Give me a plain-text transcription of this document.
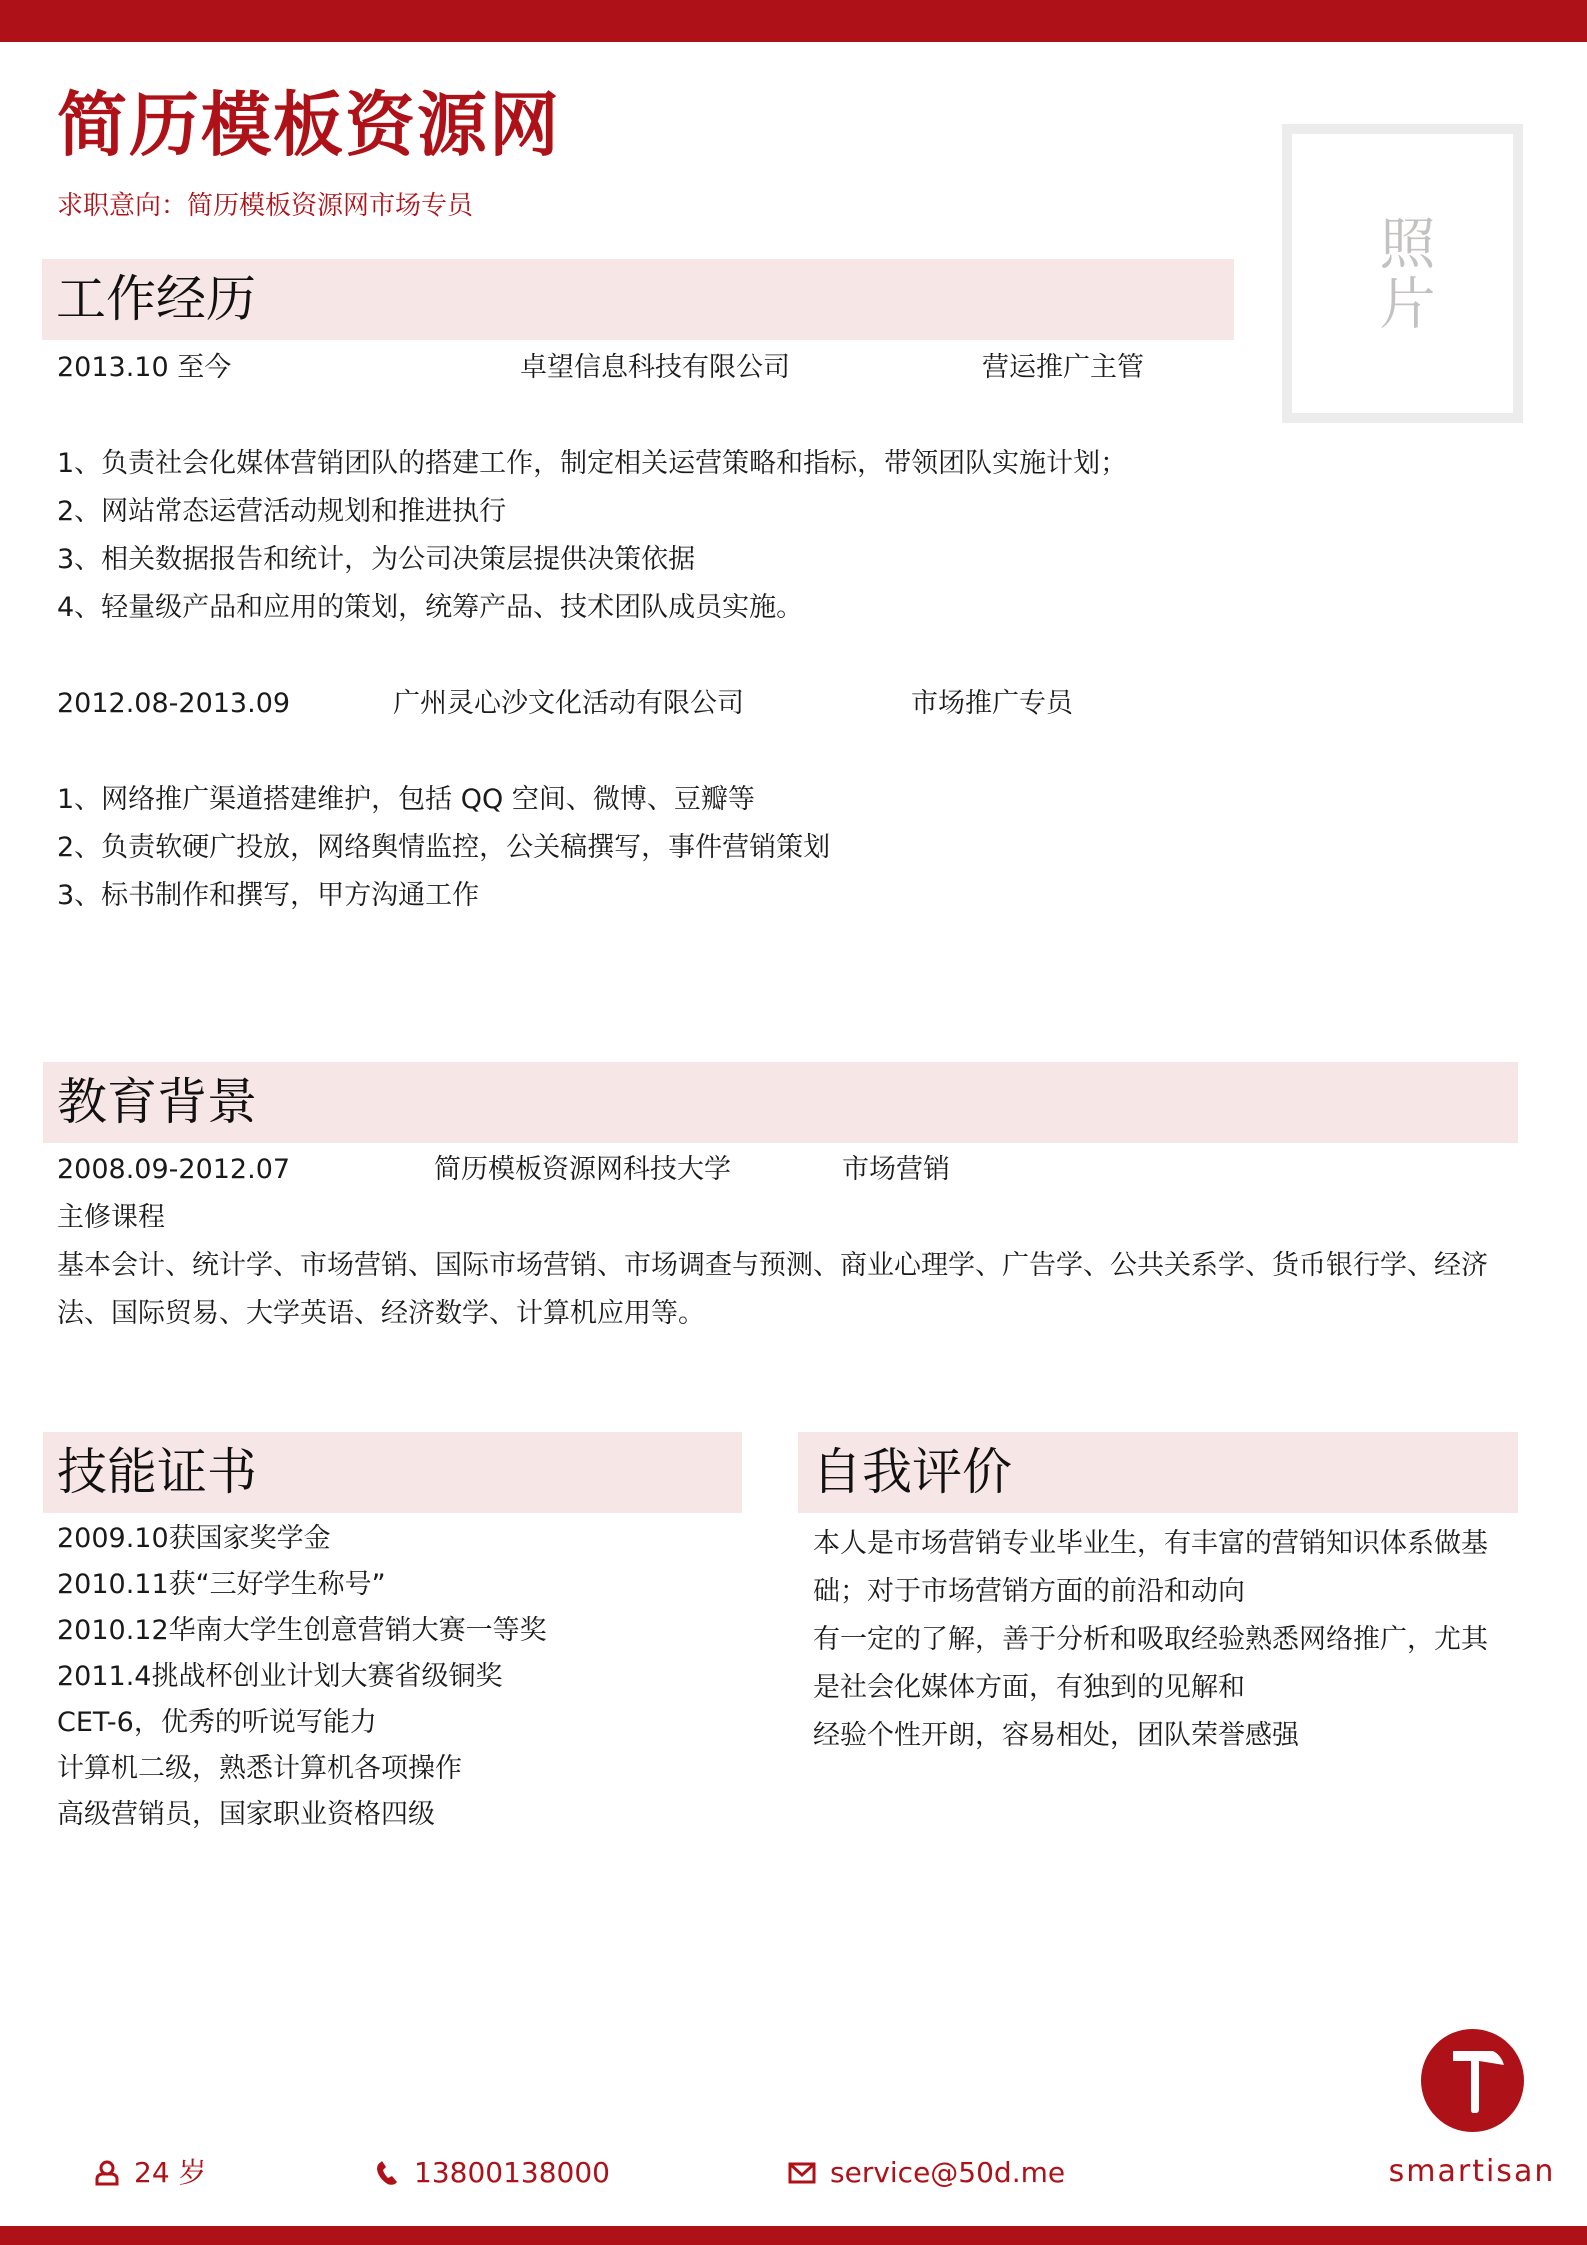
简历模板资源网
求职意向：简历模板资源网市场专员
照片
工作经历
2013.10 至今	卓望信息科技有限公司	营运推广主管
1、负责社会化媒体营销团队的搭建工作，制定相关运营策略和指标，带领团队实施计划；
2、网站常态运营活动规划和推进执行
3、相关数据报告和统计，为公司决策层提供决策依据
4、轻量级产品和应用的策划，统筹产品、技术团队成员实施。
2012.08-2013.09	广州灵心沙文化活动有限公司	市场推广专员
1、网络推广渠道搭建维护，包括 QQ 空间、微博、豆瓣等
2、负责软硬广投放，网络舆情监控，公关稿撰写，事件营销策划
3、标书制作和撰写，甲方沟通工作
教育背景
2008.09-2012.07	简历模板资源网科技大学	市场营销
主修课程
基本会计、统计学、市场营销、国际市场营销、市场调查与预测、商业心理学、广告学、公共关系学、货币银行学、经济法、国际贸易、大学英语、经济数学、计算机应用等。
技能证书
2009.10获国家奖学金
2010.11获“三好学生称号”
2010.12华南大学生创意营销大赛一等奖
2011.4挑战杯创业计划大赛省级铜奖
CET-6，优秀的听说写能力
计算机二级，熟悉计算机各项操作
高级营销员，国家职业资格四级
自我评价
本人是市场营销专业毕业生，有丰富的营销知识体系做基
础；对于市场营销方面的前沿和动向
有一定的了解，善于分析和吸取经验熟悉网络推广，尤其
是社会化媒体方面，有独到的见解和
经验个性开朗，容易相处，团队荣誉感强
24 岁	13800138000	service@50d.me	smartisan
